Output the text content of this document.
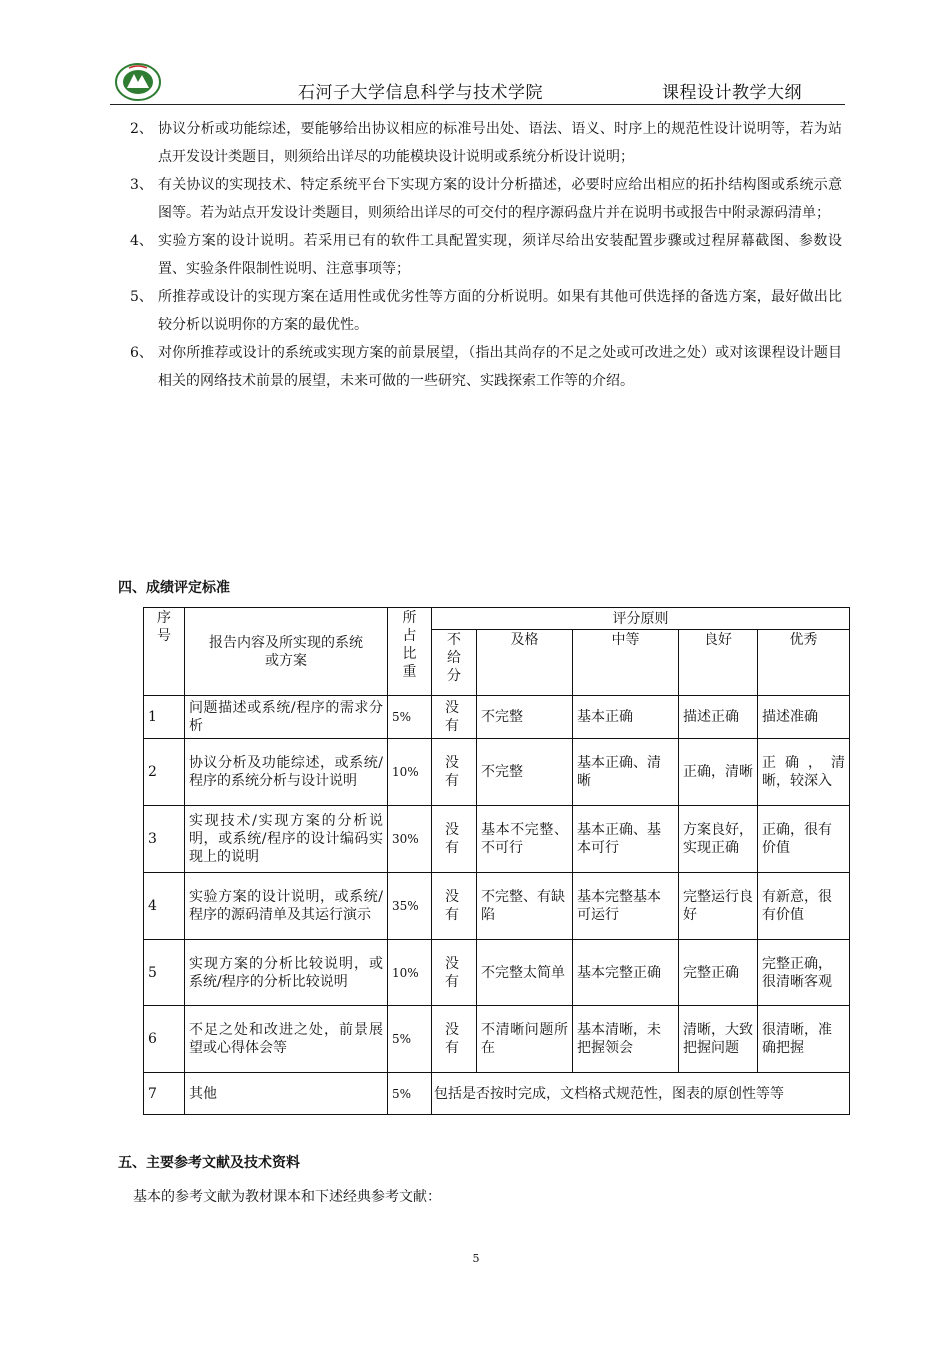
石河子大学信息科学与技术学院	课程设计教学大纲
2、 协议分析或功能综述，要能够给出协议相应的标准号出处、语法、语义、时序上的规范性设计说明等，若为站点开发设计类题目，则须给出详尽的功能模块设计说明或系统分析设计说明；
3、 有关协议的实现技术、特定系统平台下实现方案的设计分析描述，必要时应给出相应的拓扑结构图或系统示意图等。若为站点开发设计类题目，则须给出详尽的可交付的程序源码盘片并在说明书或报告中附录源码清单；
4、 实验方案的设计说明。若采用已有的软件工具配置实现，须详尽给出安装配置步骤或过程屏幕截图、参数设置、实验条件限制性说明、注意事项等；
5、 所推荐或设计的实现方案在适用性或优劣性等方面的分析说明。如果有其他可供选择的备选方案，最好做出比较分析以说明你的方案的最优性。
6、 对你所推荐或设计的系统或实现方案的前景展望，（指出其尚存的不足之处或可改进之处）或对该课程设计题目相关的网络技术前景的展望，未来可做的一些研究、实践探索工作等的介绍。
四、成绩评定标准
序号	报告内容及所实现的系统或方案	所占比重	评分原则				
			不给分	及格	中等	良好	优秀
1	问题描述或系统/程序的需求分析	5%	没有	不完整	基本正确	描述正确	描述准确
2	协议分析及功能综述，或系统/程序的系统分析与设计说明	10%	没有	不完整	基本正确、清晰	正确，清晰	正确，清晰，较深入
3	实现技术/实现方案的分析说明，或系统/程序的设计编码实现上的说明	30%	没有	基本不完整、不可行	基本正确、基本可行	方案良好，实现正确	正确，很有价值
4	实验方案的设计说明，或系统/程序的源码清单及其运行演示	35%	没有	不完整、有缺陷	基本完整基本可运行	完整运行良好	有新意，很有价值
5	实现方案的分析比较说明，或系统/程序的分析比较说明	10%	没有	不完整太简单	基本完整正确	完整正确	完整正确，很清晰客观
6	不足之处和改进之处，前景展望或心得体会等	5%	没有	不清晰问题所在	基本清晰，未把握领会	清晰，大致把握问题	很清晰，准确把握
7	其他	5%	包括是否按时完成，文档格式规范性，图表的原创性等等				
五、主要参考文献及技术资料
基本的参考文献为教材课本和下述经典参考文献：
5
